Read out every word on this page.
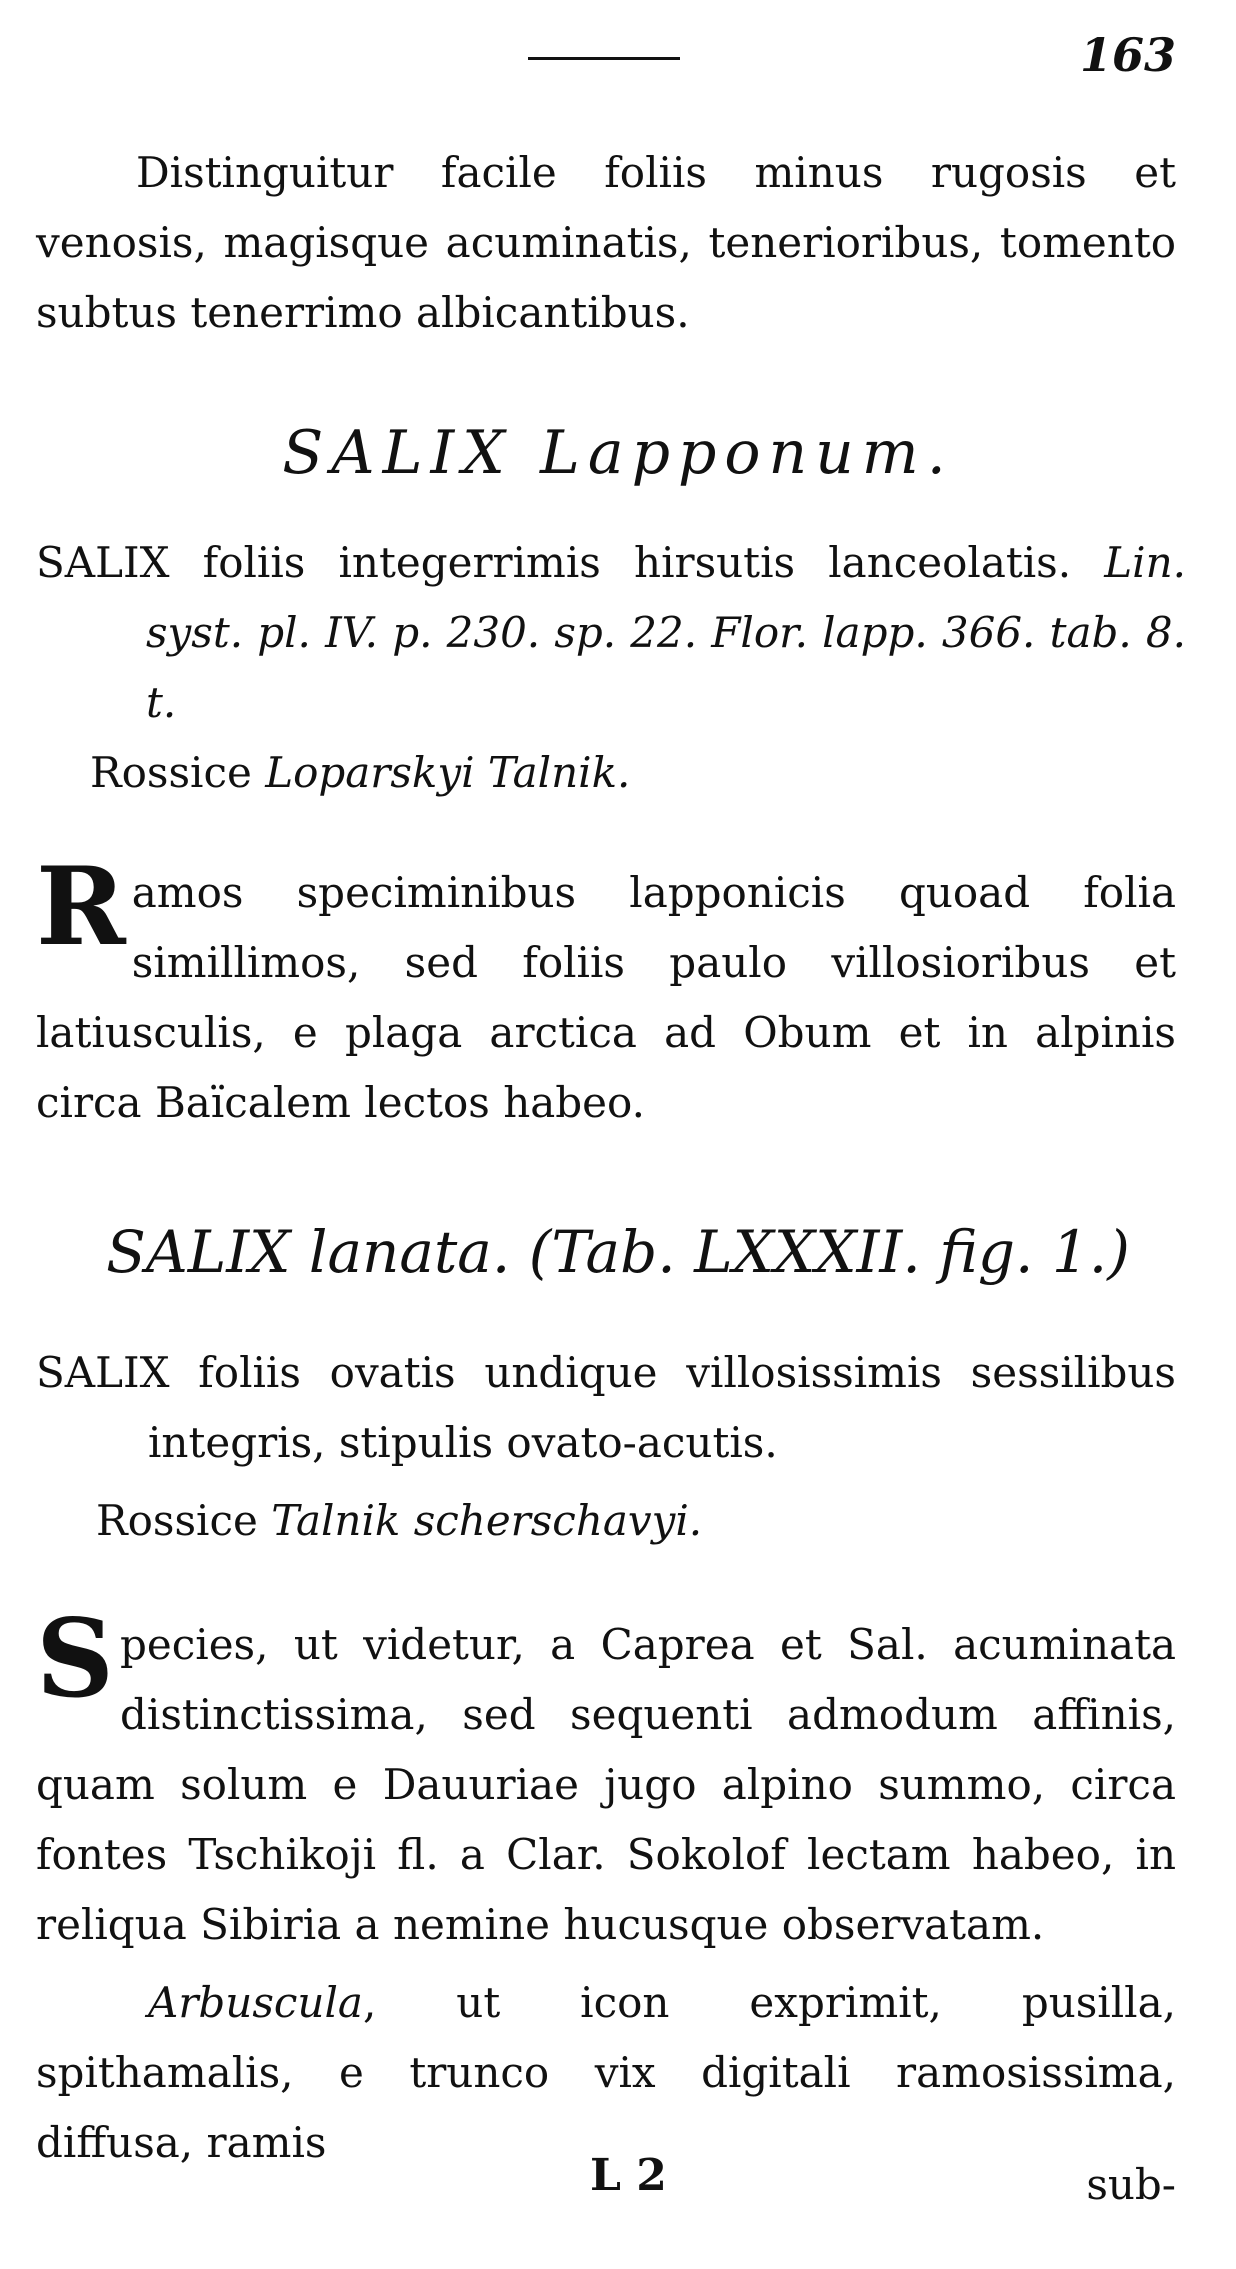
163

Distinguitur facile foliis minus rugosis et venosis, magisque acuminatis, tenerioribus, tomento subtus tenerrimo albicantibus.

SALIX Lapponum.

SALIX foliis integerrimis hirsutis lanceolatis. Lin. syst. pl. IV. p. 230. sp. 22. Flor. lapp. 366. tab. 8. t.

Rossice Loparskyi Talnik.

Ramos speciminibus lapponicis quoad folia simillimos, sed foliis paulo villosioribus et latiusculis, e plaga arctica ad Obum et in alpinis circa Baïcalem lectos habeo.

SALIX lanata. (Tab. LXXXII. fig. 1.)

SALIX foliis ovatis undique villosissimis sessilibus integris, stipulis ovato-acutis.

Rossice Talnik scherschavyi.

Species, ut videtur, a Caprea et Sal. acuminata distinctissima, sed sequenti admodum affinis, quam solum e Dauuriae jugo alpino summo, circa fontes Tschikoji fl. a Clar. Sokolof lectam habeo, in reliqua Sibiria a nemine hucusque observatam.

Arbuscula, ut icon exprimit, pusilla, spithamalis, e trunco vix digitali ramosissima, diffusa, ramis

L 2	sub-
